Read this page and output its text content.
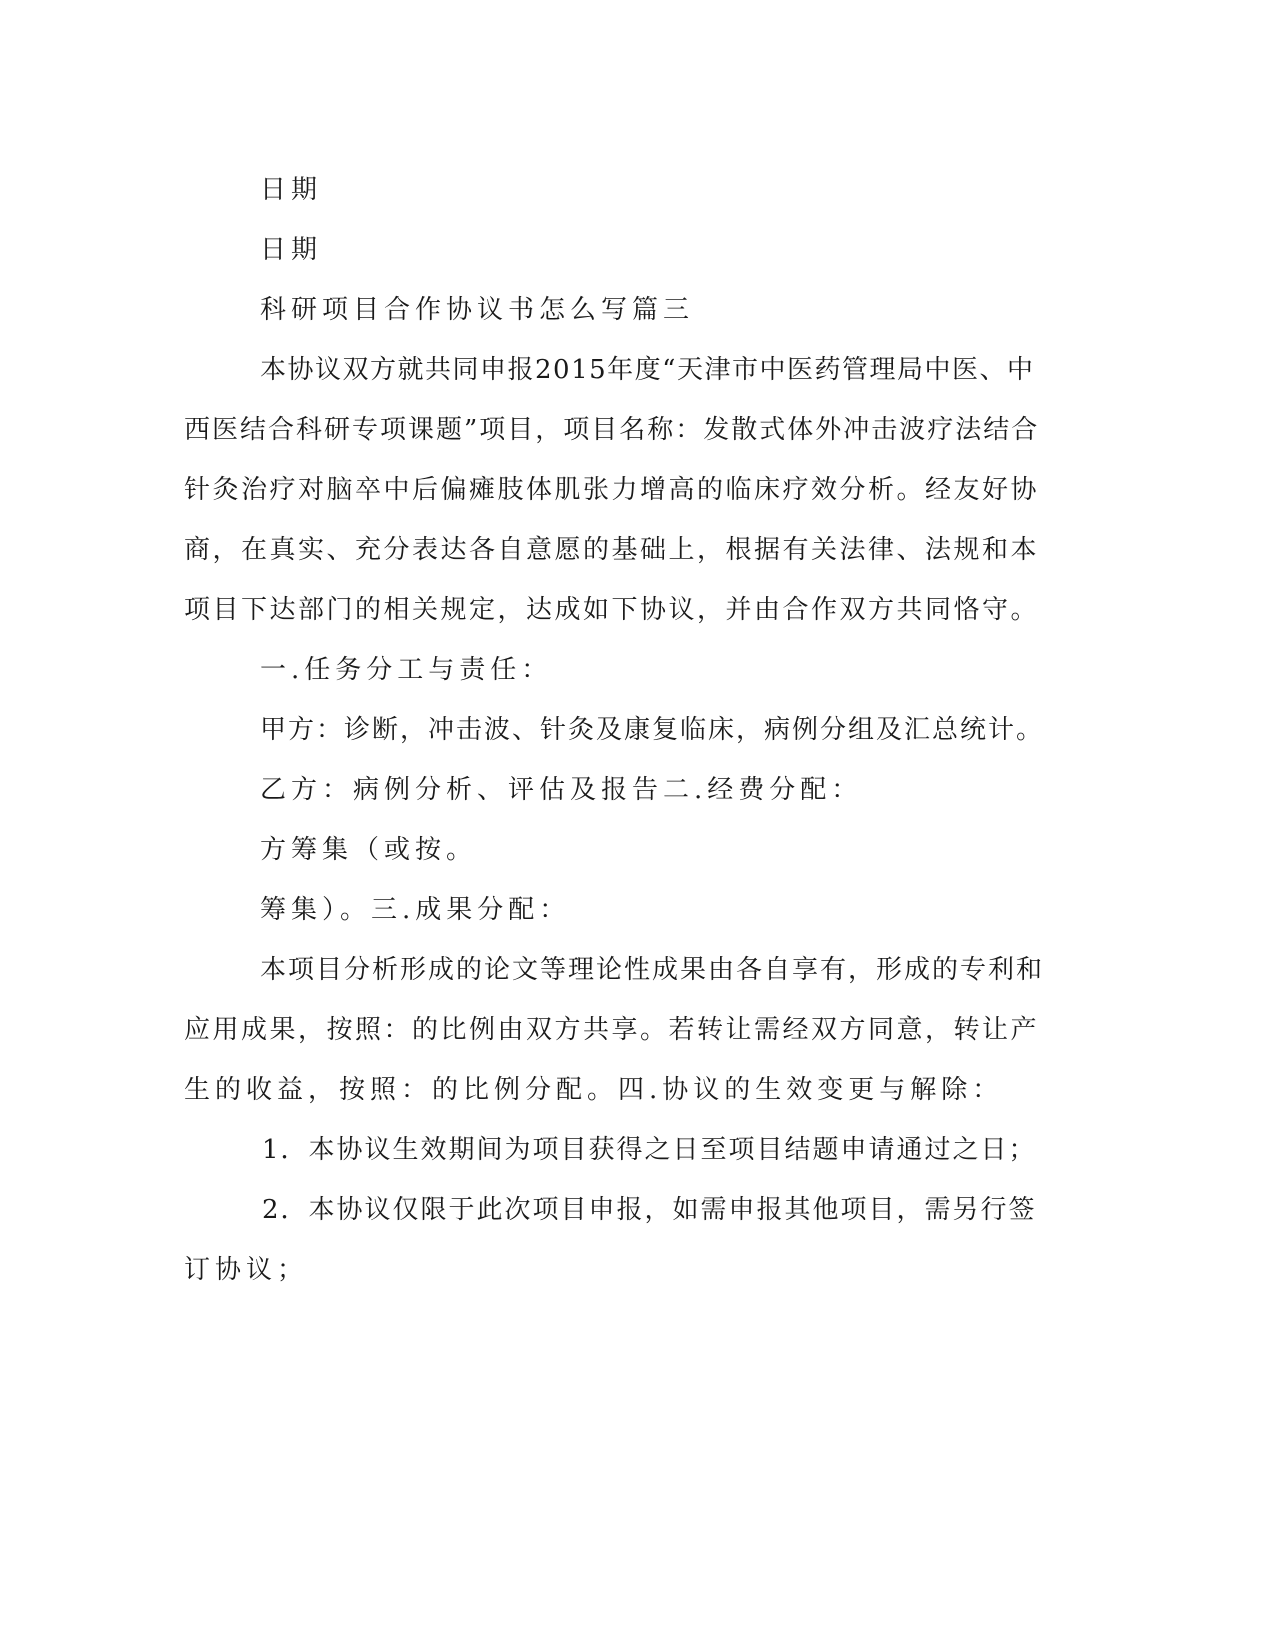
日期
日期
科研项目合作协议书怎么写篇三
本协议双方就共同申报2015年度“天津市中医药管理局中医、中
西医结合科研专项课题”项目，项目名称：发散式体外冲击波疗法结合
针灸治疗对脑卒中后偏瘫肢体肌张力增高的临床疗效分析。经友好协
商，在真实、充分表达各自意愿的基础上，根据有关法律、法规和本
项目下达部门的相关规定，达成如下协议，并由合作双方共同恪守。
一.任务分工与责任：
甲方：诊断，冲击波、针灸及康复临床，病例分组及汇总统计。
乙方：病例分析、评估及报告二.经费分配：
方筹集（或按。
筹集）。三.成果分配：
本项目分析形成的论文等理论性成果由各自享有，形成的专利和
应用成果，按照：的比例由双方共享。若转让需经双方同意，转让产
生的收益，按照：的比例分配。四.协议的生效变更与解除：
1．本协议生效期间为项目获得之日至项目结题申请通过之日；
2．本协议仅限于此次项目申报，如需申报其他项目，需另行签
订协议；
